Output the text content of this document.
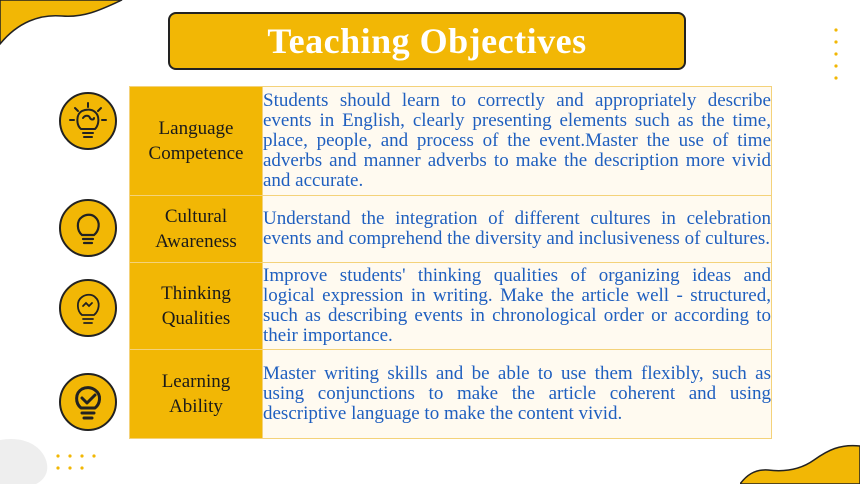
Teaching Objectives
Language
Competence	Students should learn to correctly and appropriately describe events in English, clearly presenting elements such as the time, place, people, and process of the event.Master the use of time adverbs and manner adverbs to make the description more vivid and accurate.
Cultural
Awareness	Understand the integration of different cultures in celebration events and comprehend the diversity and inclusiveness of cultures.
Thinking
Qualities	Improve students' thinking qualities of organizing ideas and logical expression in writing. Make the article well - structured, such as describing events in chronological order or according to their importance.
Learning
Ability	Master writing skills and be able to use them flexibly, such as using conjunctions to make the article coherent and using descriptive language to make the content vivid.
